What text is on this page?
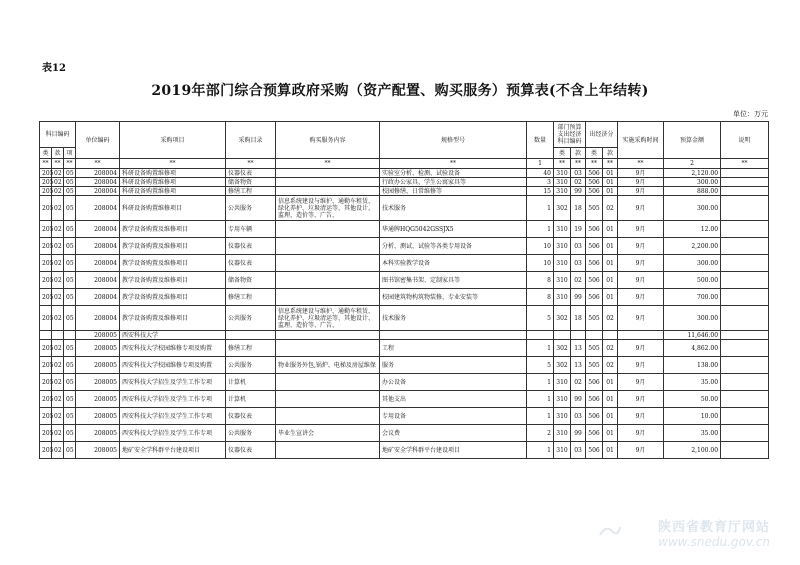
表12
2019年部门综合预算政府采购（资产配置、购买服务）预算表(不含上年结转)
单位：万元
科目编码			单位编码	采购项目	采购目录	购买服务内容	规格型号	数量	部门预算支出经济科目编码		出经济分		实施采购时间	预算金额	说明
类	款	项							类	款	类	款			
**	**	**	**	**	**	**	**	1	**	**	**	**	**	2	**
205	02	05	208004	科研设备购置维修项	仪器仪表		实验室分析、检测、试验设备	40	310	03	506	01	9月	2,120.00	
205	02	05	208004	科研设备购置维修项	储备物资		行政办公家具、学生公寓家具等	3	310	02	506	01	9月	300.00	
205	02	05	208004	科研设备购置维修项	修缮工程		校园修缮、日常维修等	15	310	99	506	01	9月	888.00	
205	02	05	208004	科研设备购置维修项目	公共服务	信息系统建设与维护、通勤车租赁、绿化养护、垃圾清运等、其他设计、监理、造价等、广告、	技术服务	1	302	18	505	02	9月	300.00	
205	02	05	208004	教学设备购置及维修项目	专用车辆		华通牌HQG5042GSSJX5	1	310	19	506	01	9月	12.00	
205	02	05	208004	教学设备购置及维修项目	仪器仪表		分析、测试、试验等各类专用设备	10	310	03	506	01	9月	2,200.00	
205	02	05	208004	教学设备购置及维修项目	仪器仪表		本科实验教学设备	10	310	03	506	01	9月	300.00	
205	02	05	208004	教学设备购置及维修项目	储备物资		图书馆密集书架、定制家具等	8	310	02	506	01	9月	500.00	
205	02	05	208004	教学设备购置及维修项目	修缮工程		校园建筑物构筑物装修、专业安装等	8	310	99	506	01	9月	700.00	
205	02	05	208004	教学设备购置及维修项目	公共服务	信息系统建设与维护、通勤车租赁、绿化养护、垃圾清运等、其他设计、监理、造价等、广告、	技术服务	5	302	18	505	02	9月	300.00	
			208005	西安科技大学										11,646.00	
205	02	05	208005	西安科技大学校园维修专项及购置	修缮工程		工程	1	302	13	505	02	9月	4,862.00	
205	02	05	208005	西安科技大学校园维修专项及购置	公共服务	物业服务外包,锅炉、电梯及房屋维保	服务	5	302	13	505	02	9月	138.00	
205	02	05	208005	西安科技大学招生及学生工作专项	计算机		办公设备	1	310	02	506	01	9月	35.00	
205	02	05	208005	西安科技大学招生及学生工作专项	计算机		其他支出	1	310	99	506	01	9月	50.00	
205	02	05	208005	西安科技大学招生及学生工作专项	仪器仪表		专用设备	1	310	03	506	01	9月	10.00	
205	02	05	208005	西安科技大学招生及学生工作专项	公共服务	毕业生宣讲会	会议费	2	310	99	506	01	9月	35.00	
205	02	05	208005	地矿安全学科群平台建设项目	仪器仪表		地矿安全学科群平台建设项目	1	310	03	506	01	9月	2,100.00	
陕西省教育厅网站
www.snedu.gov.cn
